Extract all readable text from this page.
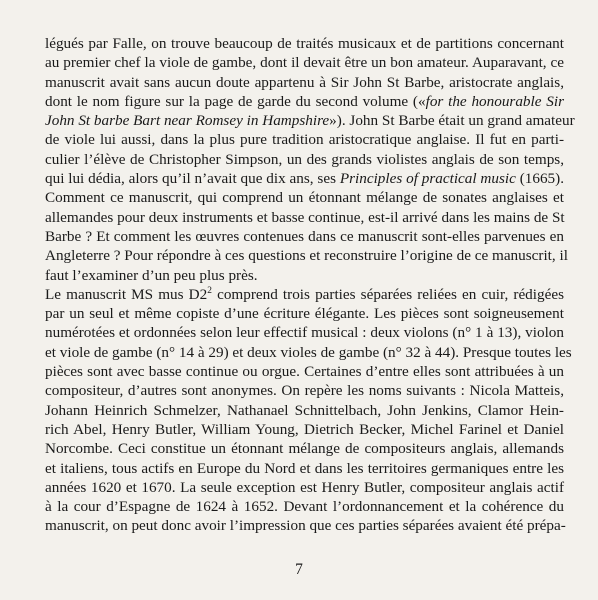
légués par Falle, on trouve beaucoup de traités musicaux et de partitions concernant
au premier chef la viole de gambe, dont il devait être un bon amateur. Auparavant, ce
manuscrit avait sans aucun doute appartenu à Sir John St Barbe, aristocrate anglais,
dont le nom figure sur la page de garde du second volume («for the honourable Sir
John St barbe Bart near Romsey in Hampshire»). John St Barbe était un grand amateur
de viole lui aussi, dans la plus pure tradition aristocratique anglaise. Il fut en parti-
culier l’élève de Christopher Simpson, un des grands violistes anglais de son temps,
qui lui dédia, alors qu’il n’avait que dix ans, ses Principles of practical music (1665).
Comment ce manuscrit, qui comprend un étonnant mélange de sonates anglaises et
allemandes pour deux instruments et basse continue, est-il arrivé dans les mains de St
Barbe ? Et comment les œuvres contenues dans ce manuscrit sont-elles parvenues en
Angleterre ? Pour répondre à ces questions et reconstruire l’origine de ce manuscrit, il
faut l’examiner d’un peu plus près.
Le manuscrit MS mus $D2^2$ comprend trois parties séparées reliées en cuir, rédigées
par un seul et même copiste d’une écriture élégante. Les pièces sont soigneusement
numérotées et ordonnées selon leur effectif musical : deux violons (n° 1 à 13), violon
et viole de gambe (n° 14 à 29) et deux violes de gambe (n° 32 à 44). Presque toutes les
pièces sont avec basse continue ou orgue. Certaines d’entre elles sont attribuées à un
compositeur, d’autres sont anonymes. On repère les noms suivants : Nicola Matteis,
Johann Heinrich Schmelzer, Nathanael Schnittelbach, John Jenkins, Clamor Hein-
rich Abel, Henry Butler, William Young, Dietrich Becker, Michel Farinel et Daniel
Norcombe. Ceci constitue un étonnant mélange de compositeurs anglais, allemands
et italiens, tous actifs en Europe du Nord et dans les territoires germaniques entre les
années 1620 et 1670. La seule exception est Henry Butler, compositeur anglais actif
à la cour d’Espagne de 1624 à 1652. Devant l’ordonnancement et la cohérence du
manuscrit, on peut donc avoir l’impression que ces parties séparées avaient été prépa-
7
